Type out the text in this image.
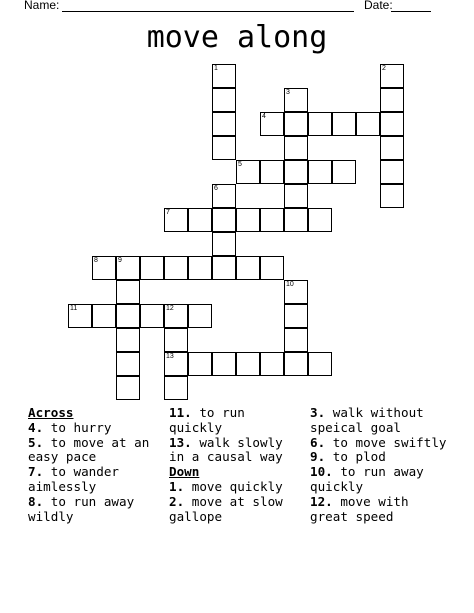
Name:	Date:
move along
1	2
3
4
5
6
7
8	9
10
11	12
13
Across
4. to hurry
5. to move at an easy pace
7. to wander aimlessly
8. to run away wildly
11. to run quickly
13. walk slowly in a causal way
Down
1. move quickly
2. move at slow gallope
3. walk without speical goal
6. to move swiftly
9. to plod
10. to run away quickly
12. move with great speed
